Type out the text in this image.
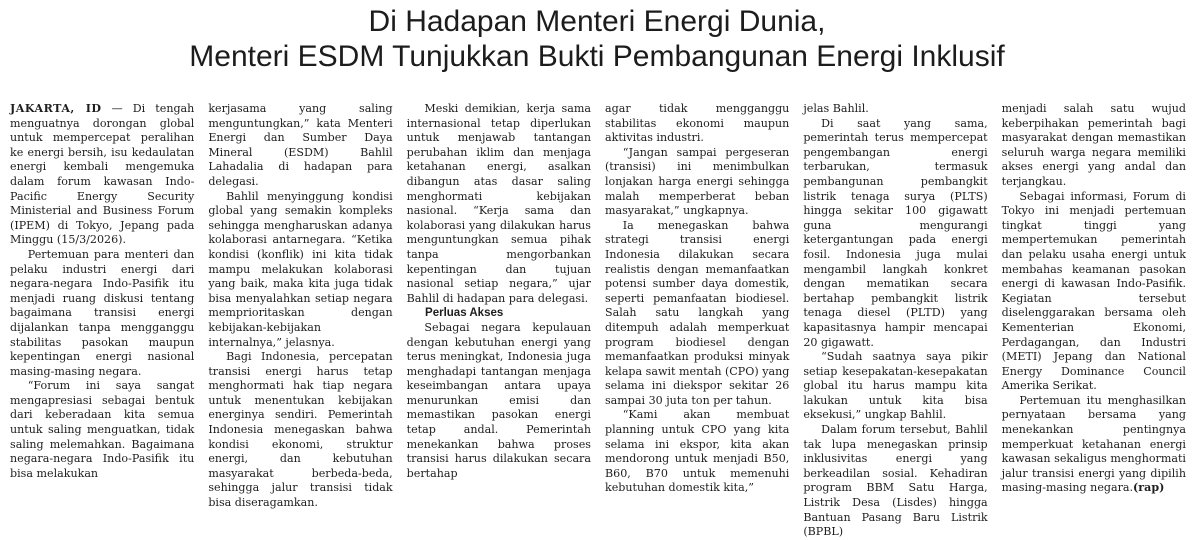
Di Hadapan Menteri Energi Dunia,
Menteri ESDM Tunjukkan Bukti Pembangunan Energi Inklusif

JAKARTA, ID — Di tengah menguatnya dorongan global untuk mempercepat peralihan ke energi bersih, isu kedaulatan energi kembali mengemuka dalam forum kawasan Indo-Pacific Energy Security Ministerial and Business Forum (IPEM) di Tokyo, Jepang pada Minggu (15/3/2026).

Pertemuan para menteri dan pelaku industri energi dari negara-negara Indo-Pasifik itu menjadi ruang diskusi tentang bagaimana transisi energi dijalankan tanpa mengganggu stabilitas pasokan maupun kepentingan energi nasional masing-masing negara.

“Forum ini saya sangat mengapresiasi sebagai bentuk dari keberadaan kita semua untuk saling menguatkan, tidak saling melemahkan. Bagaimana negara-negara Indo-Pasifik itu bisa melakukan

kerjasama yang saling menguntungkan,” kata Menteri Energi dan Sumber Daya Mineral (ESDM) Bahlil Lahadalia di hadapan para delegasi.

Bahlil menyinggung kondisi global yang semakin kompleks sehingga mengharuskan adanya kolaborasi antarnegara. “Ketika kondisi (konflik) ini kita tidak mampu melakukan kolaborasi yang baik, maka kita juga tidak bisa menyalahkan setiap negara memprioritaskan dengan kebijakan-kebijakan internalnya,” jelasnya.

Bagi Indonesia, percepatan transisi energi harus tetap menghormati hak tiap negara untuk menentukan kebijakan energinya sendiri. Pemerintah Indonesia menegaskan bahwa kondisi ekonomi, struktur energi, dan kebutuhan masyarakat berbeda-beda, sehingga jalur transisi tidak bisa diseragamkan.

Meski demikian, kerja sama internasional tetap diperlukan untuk menjawab tantangan perubahan iklim dan menjaga ketahanan energi, asalkan dibangun atas dasar saling menghormati kebijakan nasional. “Kerja sama dan kolaborasi yang dilakukan harus menguntungkan semua pihak tanpa mengorbankan kepentingan dan tujuan nasional setiap negara,” ujar Bahlil di hadapan para delegasi.

Perluas Akses

Sebagai negara kepulauan dengan kebutuhan energi yang terus meningkat, Indonesia juga menghadapi tantangan menjaga keseimbangan antara upaya menurunkan emisi dan memastikan pasokan energi tetap andal. Pemerintah menekankan bahwa proses transisi harus dilakukan secara bertahap

agar tidak mengganggu stabilitas ekonomi maupun aktivitas industri.

“Jangan sampai pergeseran (transisi) ini menimbulkan lonjakan harga energi sehingga malah memperberat beban masyarakat,” ungkapnya.

Ia menegaskan bahwa strategi transisi energi Indonesia dilakukan secara realistis dengan memanfaatkan potensi sumber daya domestik, seperti pemanfaatan biodiesel. Salah satu langkah yang ditempuh adalah memperkuat program biodiesel dengan memanfaatkan produksi minyak kelapa sawit mentah (CPO) yang selama ini diekspor sekitar 26 sampai 30 juta ton per tahun.

“Kami akan membuat planning untuk CPO yang kita selama ini ekspor, kita akan mendorong untuk menjadi B50, B60, B70 untuk memenuhi kebutuhan domestik kita,”

jelas Bahlil.

Di saat yang sama, pemerintah terus mempercepat pengembangan energi terbarukan, termasuk pembangunan pembangkit listrik tenaga surya (PLTS) hingga sekitar 100 gigawatt guna mengurangi ketergantungan pada energi fosil. Indonesia juga mulai mengambil langkah konkret dengan mematikan secara bertahap pembangkit listrik tenaga diesel (PLTD) yang kapasitasnya hampir mencapai 20 gigawatt.

“Sudah saatnya saya pikir setiap kesepakatan-kesepakatan global itu harus mampu kita lakukan untuk kita bisa eksekusi,” ungkap Bahlil.

Dalam forum tersebut, Bahlil tak lupa menegaskan prinsip inklusivitas energi yang berkeadilan sosial. Kehadiran program BBM Satu Harga, Listrik Desa (Lisdes) hingga Bantuan Pasang Baru Listrik (BPBL)

menjadi salah satu wujud keberpihakan pemerintah bagi masyarakat dengan memastikan seluruh warga negara memiliki akses energi yang andal dan terjangkau.

Sebagai informasi, Forum di Tokyo ini menjadi pertemuan tingkat tinggi yang mempertemukan pemerintah dan pelaku usaha energi untuk membahas keamanan pasokan energi di kawasan Indo-Pasifik. Kegiatan tersebut diselenggarakan bersama oleh Kementerian Ekonomi, Perdagangan, dan Industri (METI) Jepang dan National Energy Dominance Council Amerika Serikat.

Pertemuan itu menghasilkan pernyataan bersama yang menekankan pentingnya memperkuat ketahanan energi kawasan sekaligus menghormati jalur transisi energi yang dipilih masing-masing negara.(rap)
